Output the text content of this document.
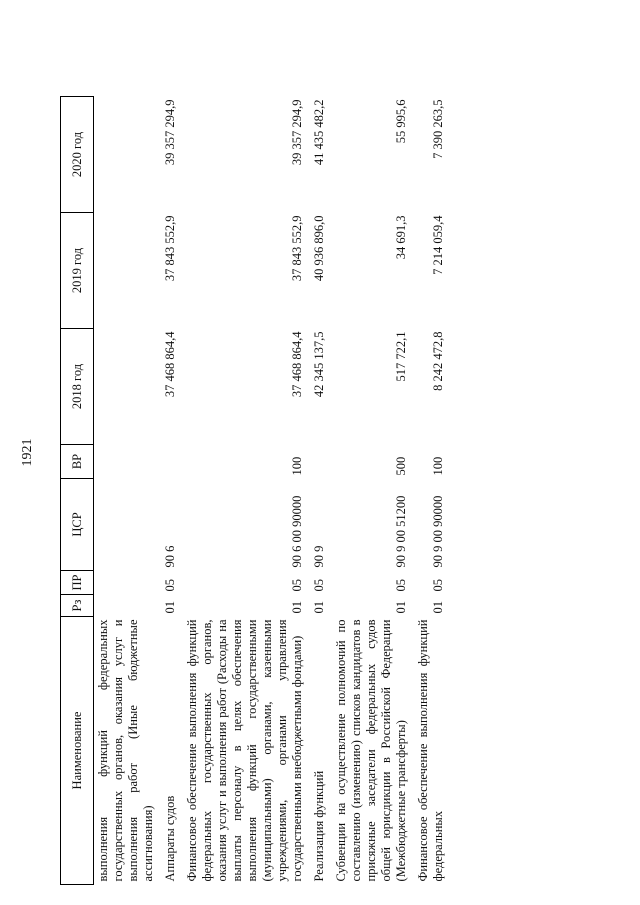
1921
Наименование	Рз	ПР	ЦСР	ВР	2018 год	2019 год	2020 год
выполнения функций федеральных государственных органов, оказания услуг и выполнения работ (Иные бюджетные ассигнования)							
Аппараты судов	01	05	90 6		37 468 864,4	37 843 552,9	39 357 294,9
Финансовое обеспечение выполнения функций федеральных государственных органов, оказания услуг и выполнения работ (Расходы на выплаты персоналу в целях обеспечения выполнения функций государственными (муниципальными) органами, казенными учреждениями, органами управления государственными внебюджетными фондами)	01	05	90 6 00 90000	100	37 468 864,4	37 843 552,9	39 357 294,9
Реализация функций	01	05	90 9		42 345 137,5	40 936 896,0	41 435 482,2
Субвенции на осуществление полномочий по составлению (изменению) списков кандидатов в присяжные заседатели федеральных судов общей юрисдикции в Российской Федерации (Межбюджетные трансферты)	01	05	90 9 00 51200	500	517 722,1	34 691,3	55 995,6
Финансовое обеспечение выполнения функций федеральных	01	05	90 9 00 90000	100	8 242 472,8	7 214 059,4	7 390 263,5
